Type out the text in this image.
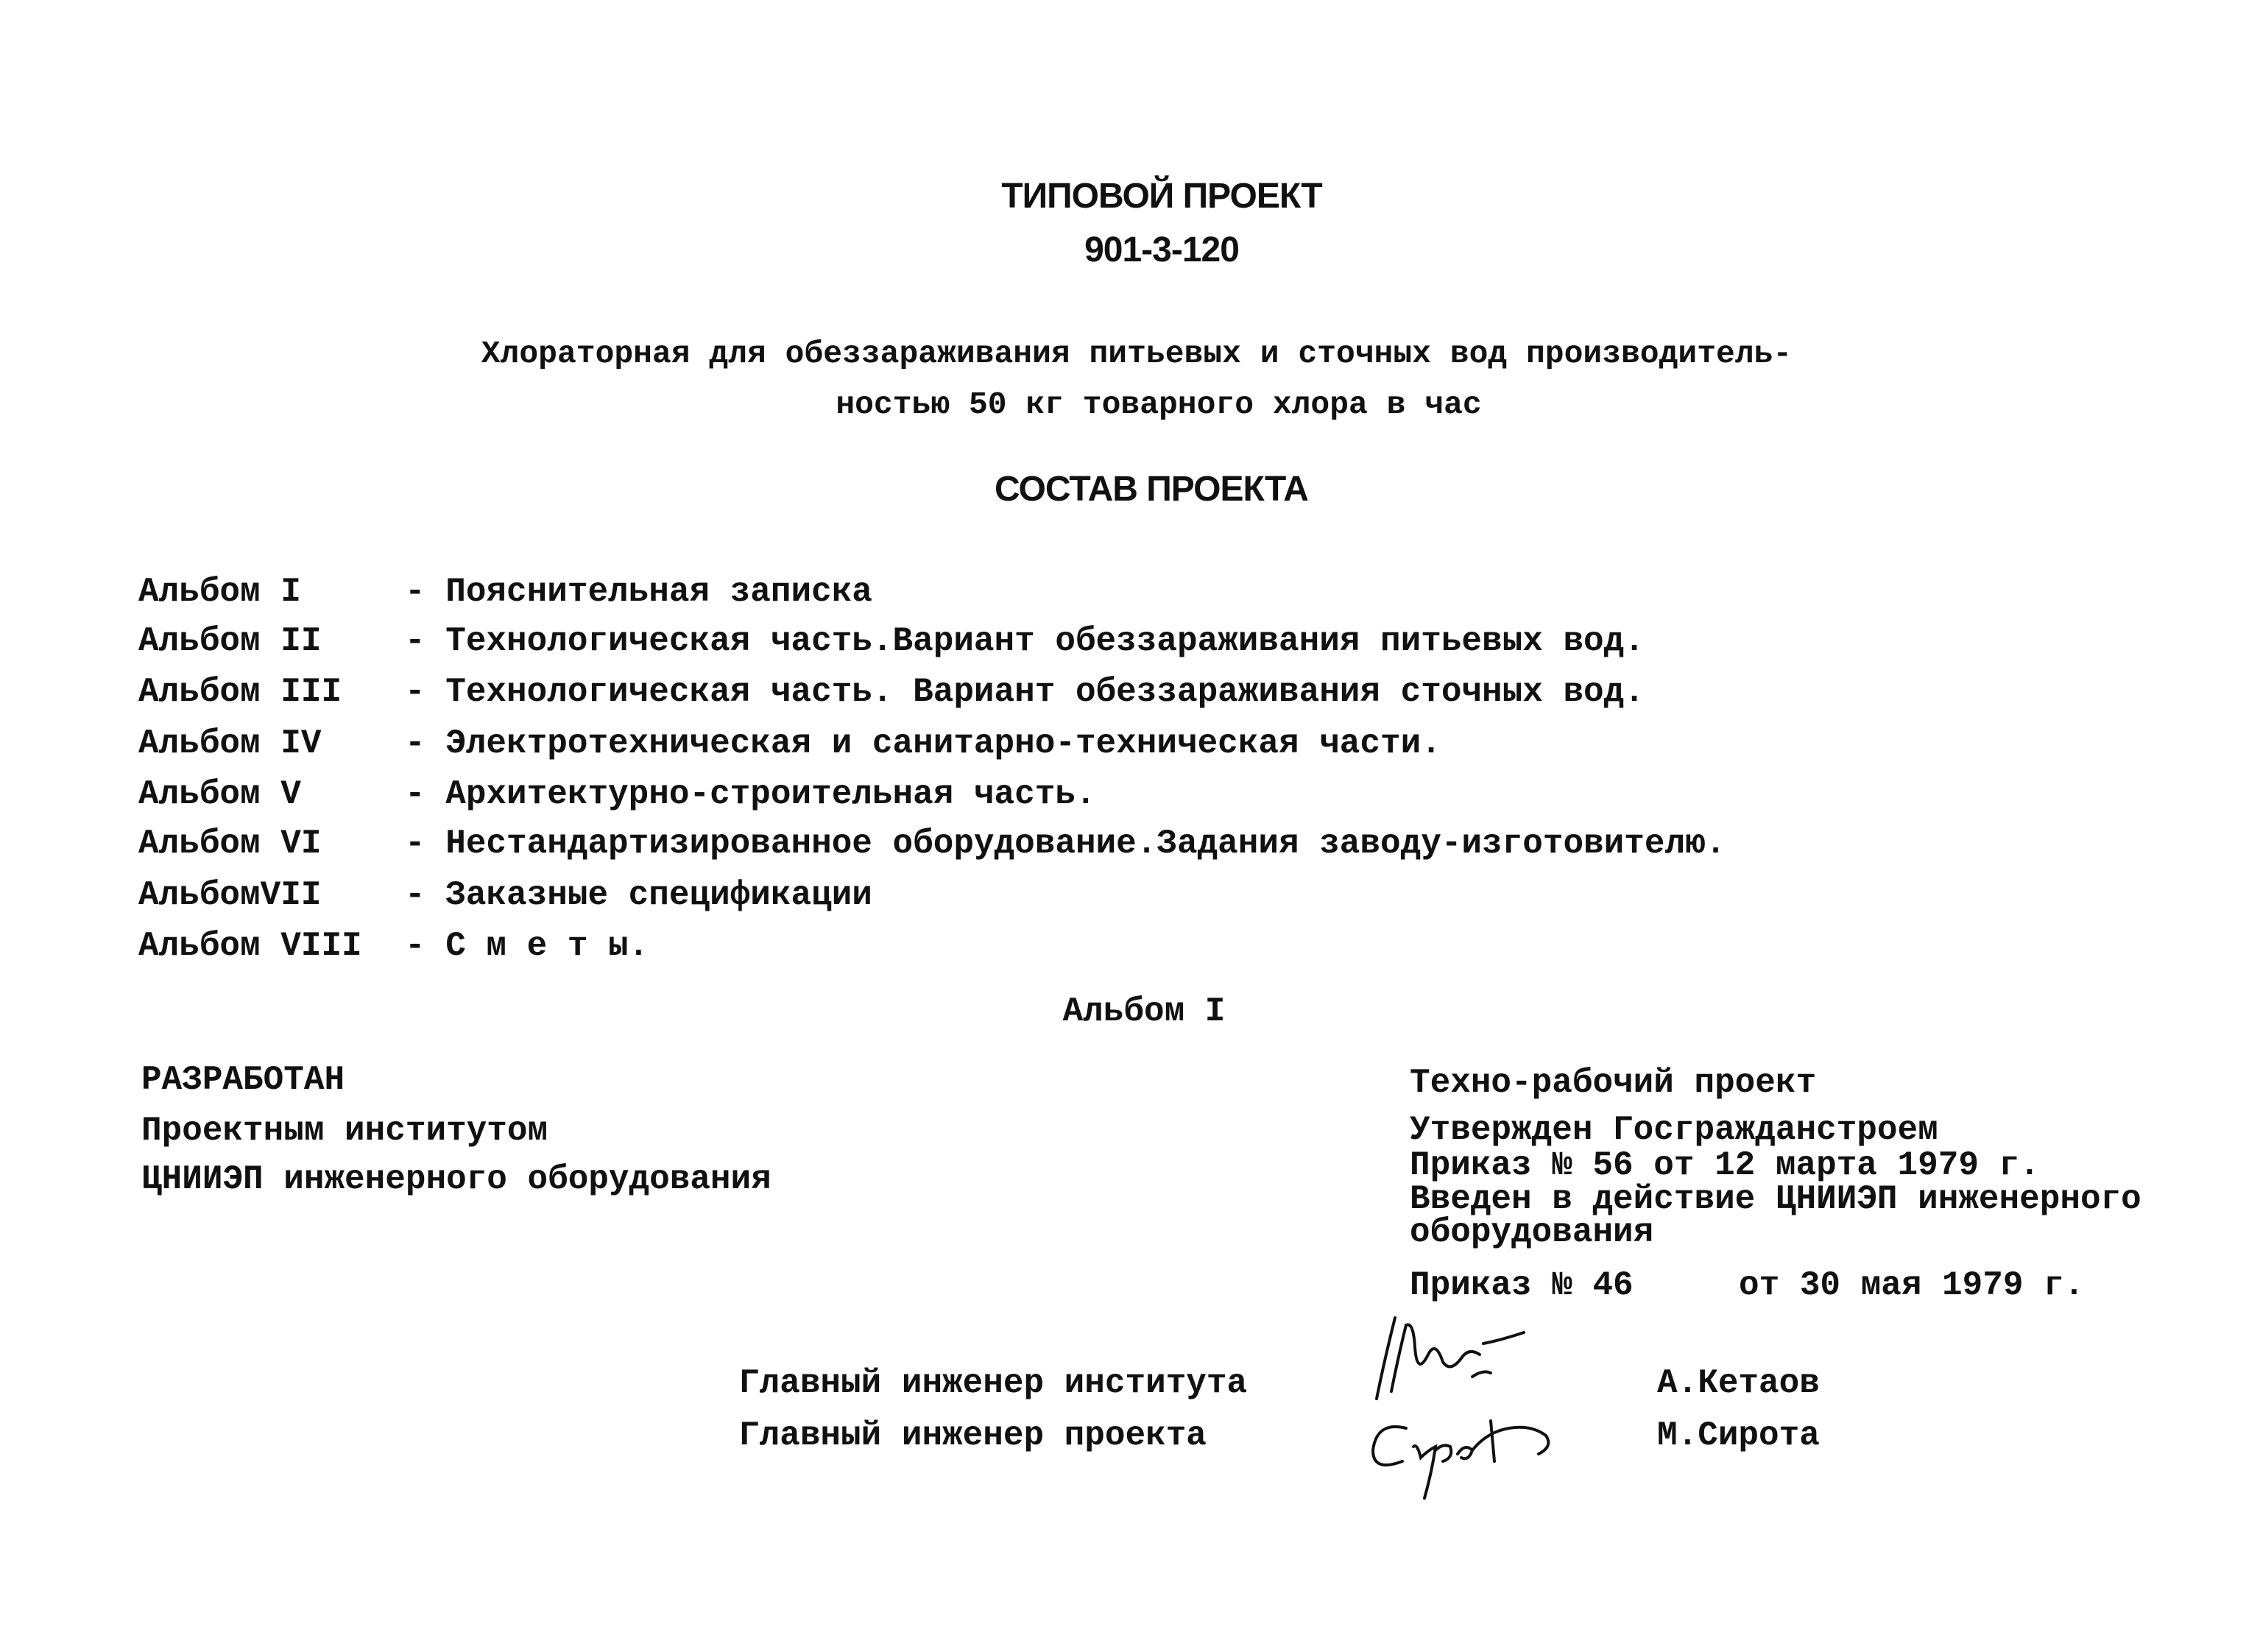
ТИПОВОЙ ПРОЕКТ
901-3-120
Хлораторная для обеззараживания питьевых и сточных вод производитель-
ностью 50 кг товарного хлора в час
СОСТАВ ПРОЕКТА
Альбом I	- Пояснительная записка
Альбом II - Технологическая часть.Вариант обеззараживания питьевых вод.
Альбом III - Технологическая часть. Вариант обеззараживания сточных вод.
Альбом IV - Электротехническая и санитарно-техническая части.
Альбом V	- Архитектурно-строительная часть.
Альбом VI - Нестандартизированное оборудование.Задания заводу-изготовителю.
АльбомVII - Заказные спецификации
Альбом VIII - С м е т ы.
Альбом I
РАЗРАБОТАН
Проектным институтом
ЦНИИЭП инженерного оборудования
Техно-рабочий проект
Утвержден Госгражданстроем
Приказ № 56 от 12 марта 1979 г.
Введен в действие ЦНИИЭП инженерного
оборудования
Приказ № 46	от 30 мая 1979 г.
Главный инженер института	А.Кетаов
Главный инженер проекта	М.Сирота
